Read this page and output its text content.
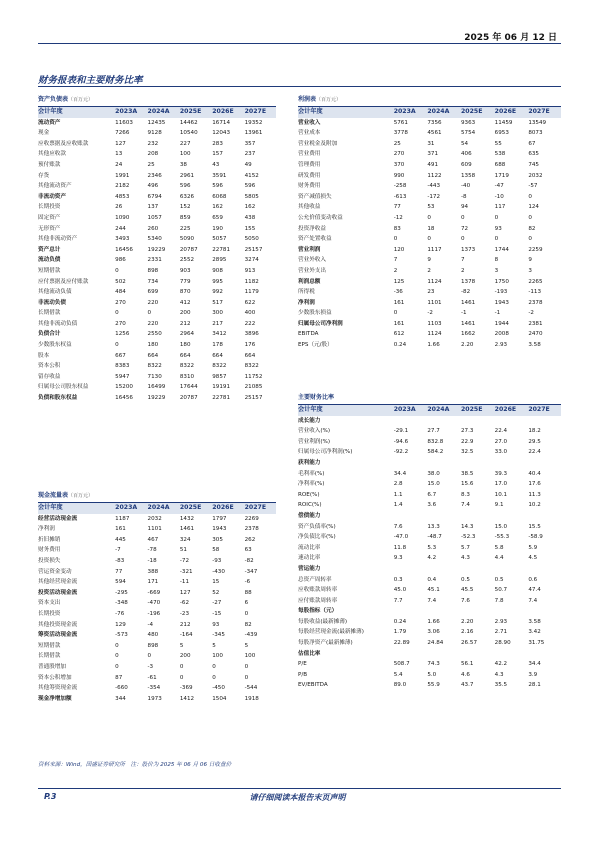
2025 年 06 月 12 日
财务报表和主要财务比率
资产负债表（百万元）
会计年度	2023A	2024A	2025E	2026E	2027E
流动资产	11603	12435	14462	16714	19352
现金	7266	9128	10540	12043	13961
应收票据及应收账款	127	232	227	283	357
其他应收款	13	208	100	157	237
预付账款	24	25	38	43	49
存货	1991	2346	2961	3591	4152
其他流动资产	2182	496	596	596	596
非流动资产	4853	6794	6326	6068	5805
长期投资	26	137	152	162	162
固定资产	1090	1057	859	659	438
无形资产	244	260	225	190	155
其他非流动资产	3493	5340	5090	5057	5050
资产总计	16456	19229	20787	22781	25157
流动负债	986	2331	2552	2895	3274
短期借款	0	898	903	908	913
应付票据及应付账款	502	734	779	995	1182
其他流动负债	484	699	870	992	1179
非流动负债	270	220	412	517	622
长期借款	0	0	200	300	400
其他非流动负债	270	220	212	217	222
负债合计	1256	2550	2964	3412	3896
少数股东权益	0	180	180	178	176
股本	667	664	664	664	664
资本公积	8383	8322	8322	8322	8322
留存收益	5947	7130	8310	9857	11752
归属母公司股东权益	15200	16499	17644	19191	21085
负债和股东权益	16456	19229	20787	22781	25157
利润表（百万元）
会计年度	2023A	2024A	2025E	2026E	2027E
营业收入	5761	7356	9363	11459	13549
营业成本	3778	4561	5754	6953	8073
营业税金及附加	25	31	54	55	67
营业费用	270	371	406	538	635
管理费用	370	491	609	688	745
研发费用	990	1122	1358	1719	2032
财务费用	-258	-443	-40	-47	-57
资产减值损失	-613	-172	-8	-10	0
其他收益	77	53	94	117	124
公允价值变动收益	-12	0	0	0	0
投资净收益	83	18	72	93	82
资产处置收益	0	0	0	0	0
营业利润	120	1117	1373	1744	2259
营业外收入	7	9	7	8	9
营业外支出	2	2	2	3	3
利润总额	125	1124	1378	1750	2265
所得税	-36	23	-82	-193	-113
净利润	161	1101	1461	1943	2378
少数股东损益	0	-2	-1	-1	-2
归属母公司净利润	161	1103	1461	1944	2381
EBITDA	612	1124	1662	2008	2470
EPS（元/股）	0.24	1.66	2.20	2.93	3.58
主要财务比率
会计年度	2023A	2024A	2025E	2026E	2027E
成长能力					
营业收入(%)	-29.1	27.7	27.3	22.4	18.2
营业利润(%)	-94.6	832.8	22.9	27.0	29.5
归属母公司净利润(%)	-92.2	584.2	32.5	33.0	22.4
获利能力					
毛利率(%)	34.4	38.0	38.5	39.3	40.4
净利率(%)	2.8	15.0	15.6	17.0	17.6
ROE(%)	1.1	6.7	8.3	10.1	11.3
ROIC(%)	1.4	3.6	7.4	9.1	10.2
偿债能力					
资产负债率(%)	7.6	13.3	14.3	15.0	15.5
净负债比率(%)	-47.0	-48.7	-52.3	-55.3	-58.9
流动比率	11.8	5.3	5.7	5.8	5.9
速动比率	9.3	4.2	4.3	4.4	4.5
营运能力					
总资产周转率	0.3	0.4	0.5	0.5	0.6
应收账款周转率	45.0	45.1	45.5	50.7	47.4
应付账款周转率	7.7	7.4	7.6	7.8	7.4
每股指标（元）					
每股收益(最新摊薄)	0.24	1.66	2.20	2.93	3.58
每股经营现金流(最新摊薄)	1.79	3.06	2.16	2.71	3.42
每股净资产(最新摊薄)	22.89	24.84	26.57	28.90	31.75
估值比率					
P/E	508.7	74.3	56.1	42.2	34.4
P/B	5.4	5.0	4.6	4.3	3.9
EV/EBITDA	89.0	55.9	43.7	35.5	28.1
现金流量表（百万元）
会计年度	2023A	2024A	2025E	2026E	2027E
经营活动现金流	1187	2032	1432	1797	2269
净利润	161	1101	1461	1943	2378
折旧摊销	445	467	324	305	262
财务费用	-7	-78	51	58	63
投资损失	-83	-18	-72	-93	-82
营运资金变动	77	388	-321	-430	-347
其他经营现金流	594	171	-11	15	-6
投资活动现金流	-295	-669	127	52	88
资本支出	-348	-470	-62	-27	6
长期投资	-76	-196	-23	-15	0
其他投资现金流	129	-4	212	93	82
筹资活动现金流	-573	480	-164	-345	-439
短期借款	0	898	5	5	5
长期借款	0	0	200	100	100
普通股增加	0	-3	0	0	0
资本公积增加	87	-61	0	0	0
其他筹资现金流	-660	-354	-369	-450	-544
现金净增加额	344	1973	1412	1504	1918
资料来源：Wind，国盛证券研究所　注：股价为 2025 年 06 月 06 日收盘价
P.3	请仔细阅读本报告末页声明
